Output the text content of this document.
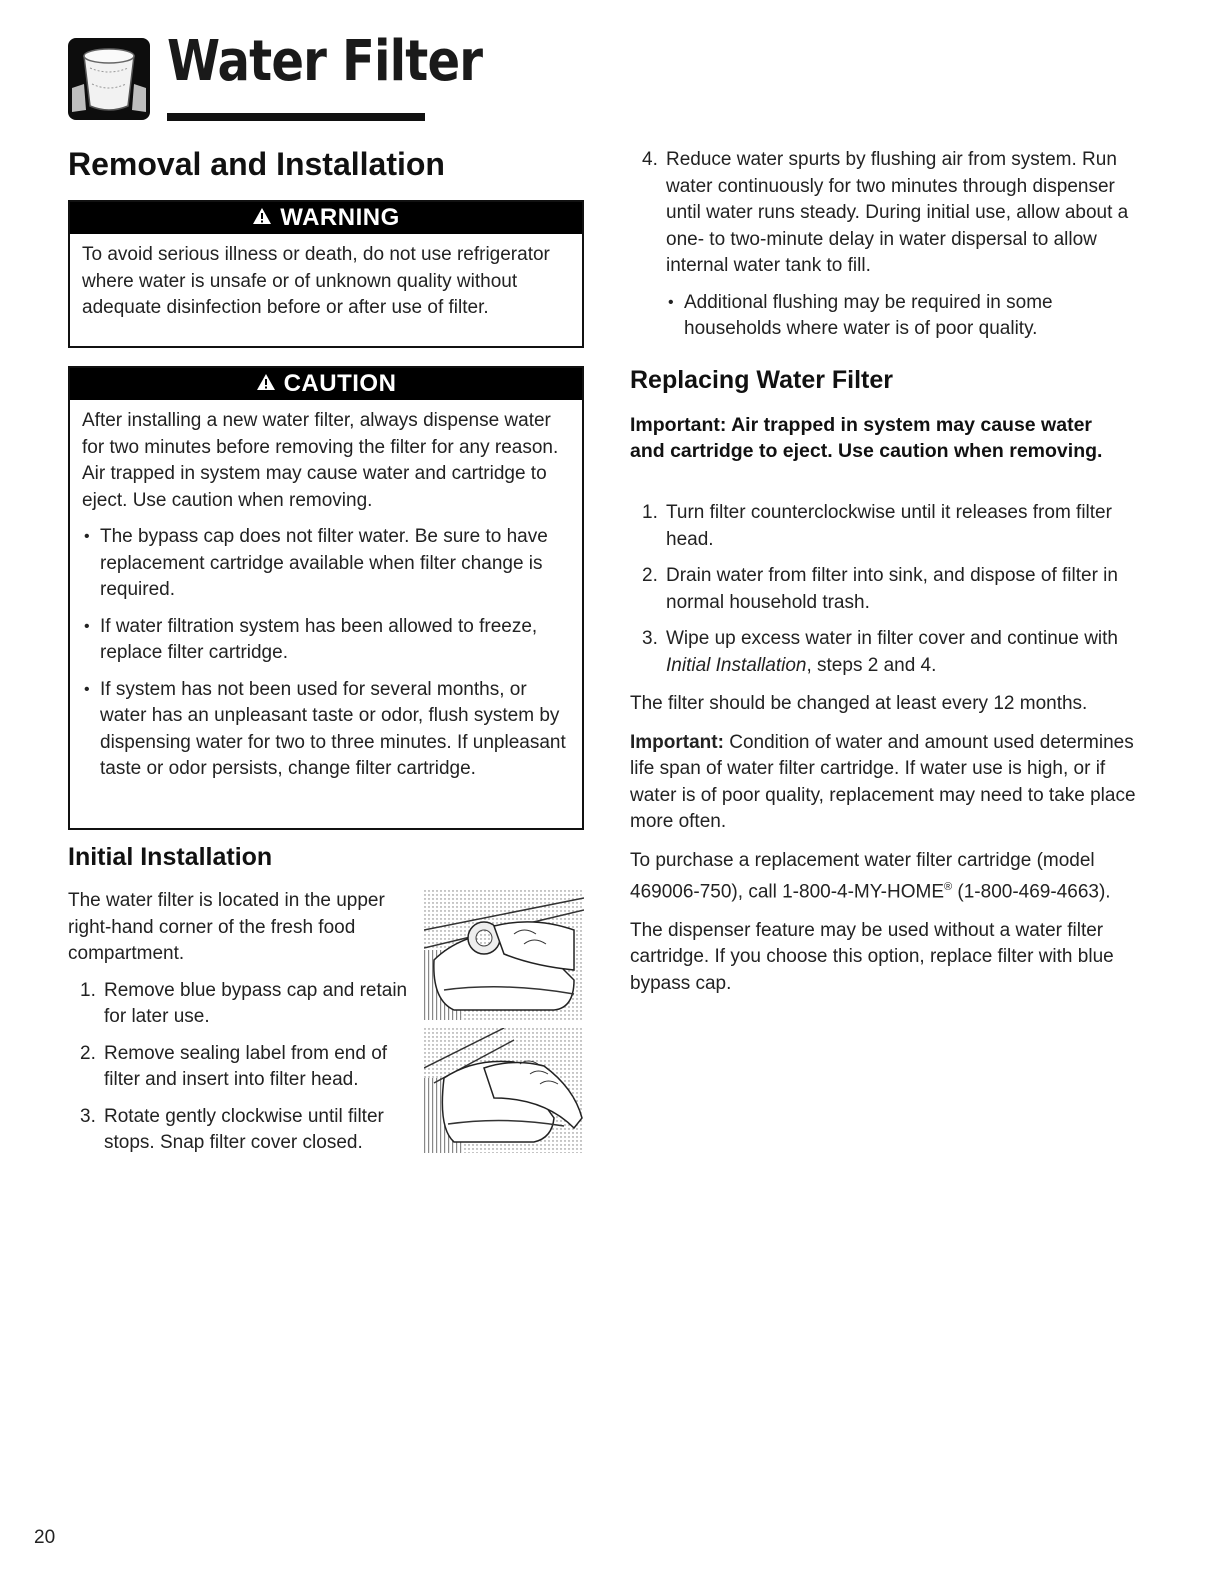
Water Filter
Removal and Installation
WARNING

To avoid serious illness or death, do not use refrigerator where water is unsafe or of unknown quality without adequate disinfection before or after use of filter.

CAUTION

After installing a new water filter, always dispense water for two minutes before removing the filter for any reason. Air trapped in system may cause water and cartridge to eject. Use caution when removing.

• The bypass cap does not filter water. Be sure to have replacement cartridge available when filter change is required.
• If water filtration system has been allowed to freeze, replace filter cartridge.
• If system has not been used for several months, or water has an unpleasant taste or odor, flush system by dispensing water for two to three minutes. If unpleasant taste or odor persists, change filter cartridge.
Initial Installation

The water filter is located in the upper right-hand corner of the fresh food compartment.

1. Remove blue bypass cap and retain for later use.
2. Remove sealing label from end of filter and insert into filter head.
3. Rotate gently clockwise until filter stops. Snap filter cover closed.
4. Reduce water spurts by flushing air from system. Run water continuously for two minutes through dispenser until water runs steady. During initial use, allow about a one- to two-minute delay in water dispersal to allow internal water tank to fill.
• Additional flushing may be required in some households where water is of poor quality.
Replacing Water Filter
Important: Air trapped in system may cause water and cartridge to eject. Use caution when removing.
1. Turn filter counterclockwise until it releases from filter head.
2. Drain water from filter into sink, and dispose of filter in normal household trash.
3. Wipe up excess water in filter cover and continue with Initial Installation, steps 2 and 4.

The filter should be changed at least every 12 months.

Important: Condition of water and amount used determines life span of water filter cartridge. If water use is high, or if water is of poor quality, replacement may need to take place more often.

To purchase a replacement water filter cartridge (model 469006-750), call 1-800-4-MY-HOME® (1-800-469-4663).

The dispenser feature may be used without a water filter cartridge. If you choose this option, replace filter with blue bypass cap.

20
